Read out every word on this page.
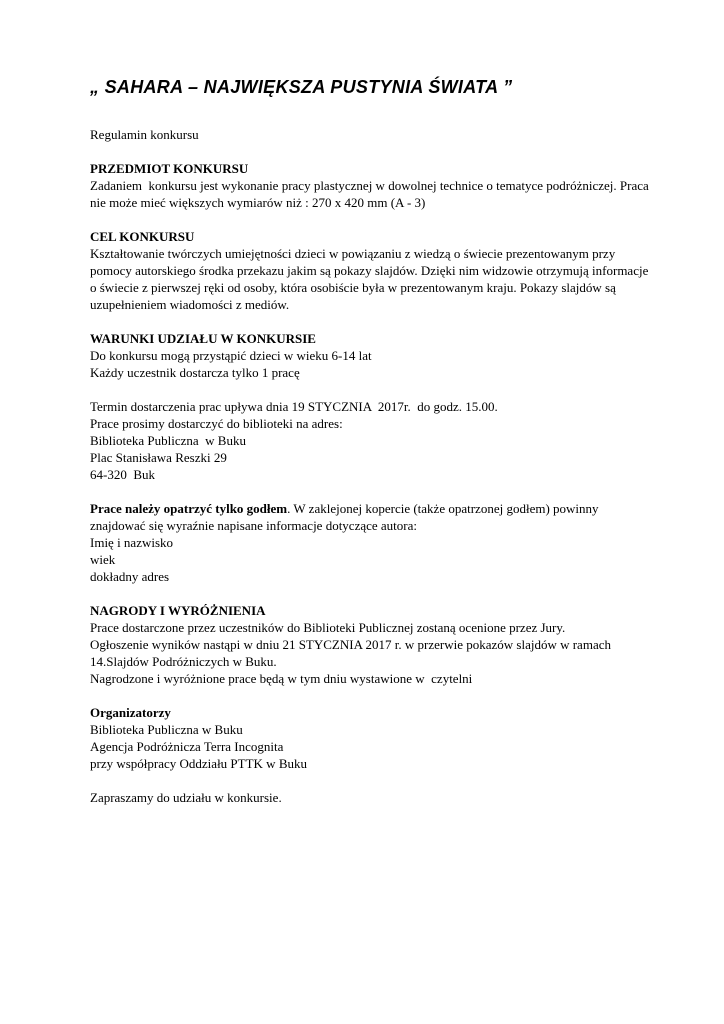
„ SAHARA – NAJWIĘKSZA PUSTYNIA ŚWIATA ”

Regulamin konkursu

PRZEDMIOT KONKURSU

Zadaniem  konkursu jest wykonanie pracy plastycznej w dowolnej technice o tematyce podróżniczej. Praca nie może mieć większych wymiarów niż : 270 x 420 mm (A - 3)

CEL KONKURSU

Kształtowanie twórczych umiejętności dzieci w powiązaniu z wiedzą o świecie prezentowanym przy pomocy autorskiego środka przekazu jakim są pokazy slajdów. Dzięki nim widzowie otrzymują informacje o świecie z pierwszej ręki od osoby, która osobiście była w prezentowanym kraju. Pokazy slajdów są uzupełnieniem wiadomości z mediów.

WARUNKI UDZIAŁU W KONKURSIE

Do konkursu mogą przystąpić dzieci w wieku 6-14 lat

Każdy uczestnik dostarcza tylko 1 pracę

Termin dostarczenia prac upływa dnia 19 STYCZNIA  2017r.  do godz. 15.00.

Prace prosimy dostarczyć do biblioteki na adres:

Biblioteka Publiczna  w Buku

Plac Stanisława Reszki 29

64-320  Buk

Prace należy opatrzyć tylko godłem. W zaklejonej kopercie (także opatrzonej godłem) powinny znajdować się wyraźnie napisane informacje dotyczące autora:

Imię i nazwisko

wiek

dokładny adres

NAGRODY I WYRÓŻNIENIA

Prace dostarczone przez uczestników do Biblioteki Publicznej zostaną ocenione przez Jury.

Ogłoszenie wyników nastąpi w dniu 21 STYCZNIA 2017 r. w przerwie pokazów slajdów w ramach  14.Slajdów Podróżniczych w Buku.

Nagrodzone i wyróżnione prace będą w tym dniu wystawione w  czytelni

Organizatorzy

Biblioteka Publiczna w Buku

Agencja Podróżnicza Terra Incognita

przy współpracy Oddziału PTTK w Buku

Zapraszamy do udziału w konkursie.
